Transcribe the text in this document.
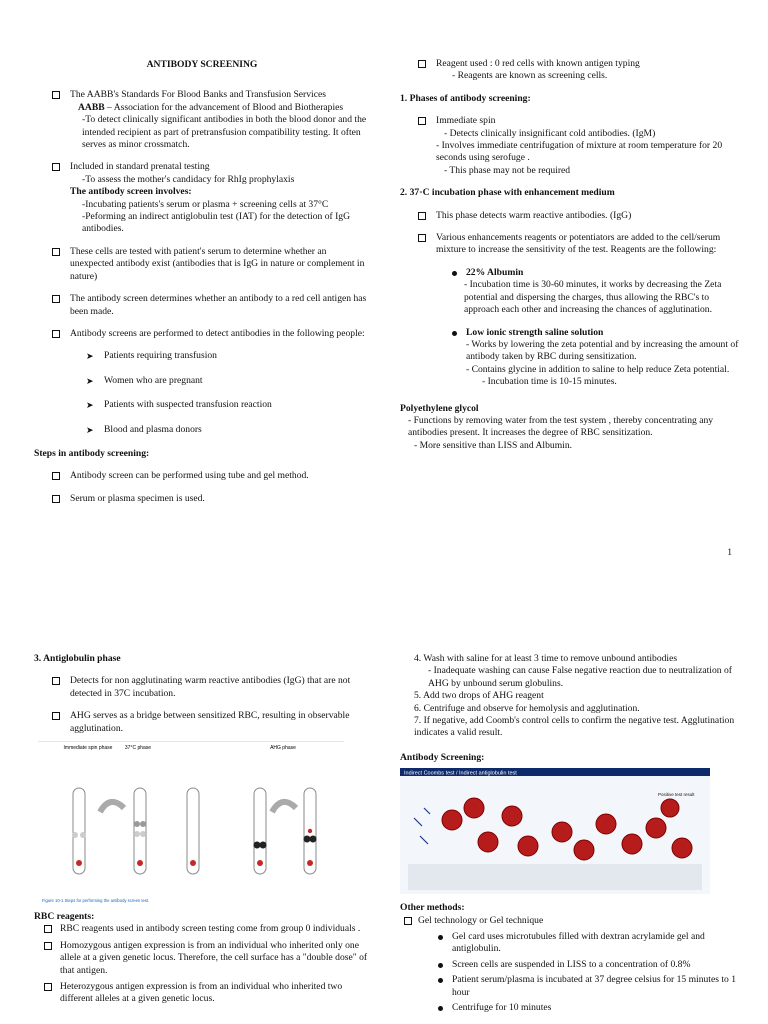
ANTIBODY SCREENING
The AABB's Standards For Blood Banks and Transfusion Services
AABB – Association for the advancement of Blood and Biotherapies
-To detect clinically significant antibodies in both the blood donor and the intended recipient as part of pretransfusion compatibility testing. It often serves as minor crossmatch.
Included in standard prenatal testing
-To assess the mother's candidacy for RhIg prophylaxis
The antibody screen involves:
-Incubating patients's serum or plasma + screening cells at 37°C
-Peforming an indirect antiglobulin test (IAT) for the detection of IgG antibodies.
These cells are tested with patient's serum to determine whether an unexpected antibody exist (antibodies that is IgG in nature or complement in nature)
The antibody screen determines whether an antibody to a red cell antigen has been made.
Antibody screens are performed to detect antibodies in the following people:
➤ Patients requiring transfusion
➤ Women who are pregnant
➤ Patients with suspected transfusion reaction
➤ Blood and plasma donors
Steps in antibody screening:
Antibody screen can be performed using tube and gel method.
Serum or plasma specimen is used.
Reagent used : 0 red cells with known antigen typing
- Reagents are known as screening cells.
1. Phases of antibody screening:
Immediate spin
- Detects clinically insignificant cold antibodies. (IgM)
- Involves immediate centrifugation of mixture at room temperature for 20 seconds using serofuge .
- This phase may not be required
2. 37◦C incubation phase with enhancement medium
This phase detects warm reactive antibodies. (IgG)
Various enhancements reagents or potentiators are added to the cell/serum mixture to increase the sensitivity of the test. Reagents are the following:
22% Albumin
- Incubation time is 30-60 minutes, it works by decreasing the Zeta potential and dispersing the charges, thus allowing the RBC's to approach each other and increasing the chances of agglutination.
Low ionic strength saline solution
- Works by lowering the zeta potential and by increasing the amount of antibody taken by RBC during sensitization.
- Contains glycine in addition to saline to help reduce Zeta potential.
- Incubation time is 10-15 minutes.
Polyethylene glycol
- Functions by removing water from the test system , thereby concentrating any antibodies present. It increases the degree of RBC sensitization.
- More sensitive than LISS and Albumin.
1
3. Antiglobulin phase
Detects for non agglutinating warm reactive antibodies (IgG) that are not detected in 37C incubation.
AHG serves as a bridge between sensitized RBC, resulting in observable agglutination.
Immediate spin phase 37°C phase	AHG phase
Figure 10-1 Steps for performing the antibody screen test.
RBC reagents:
RBC reagents used in antibody screen testing come from group 0 individuals .
Homozygous antigen expression is from an individual who inherited only one allele at a given genetic locus. Therefore, the cell surface has a "double dose" of that antigen.
Heterozygous antigen expression is from an individual who inherited two different alleles at a given genetic locus.
4. Wash with saline for at least 3 time to remove unbound antibodies
- Inadequate washing can cause False negative reaction due to neutralization of AHG by unbound serum globulins.
5. Add two drops of AHG reagent
6. Centrifuge and observe for hemolysis and agglutination.
7. If negative, add Coomb's control cells to confirm the negative test. Agglutination indicates a valid result.
Antibody Screening:
Indirect Coombs test / Indirect antiglobulin test
Positive test result
Other methods:
Gel technology or Gel technique
Gel card uses microtubules filled with dextran acrylamide gel and antiglobulin.
Screen cells are suspended in LISS to a concentration of 0.8%
Patient serum/plasma is incubated at 37 degree celsius for 15 minutes to 1 hour
Centrifuge for 10 minutes
